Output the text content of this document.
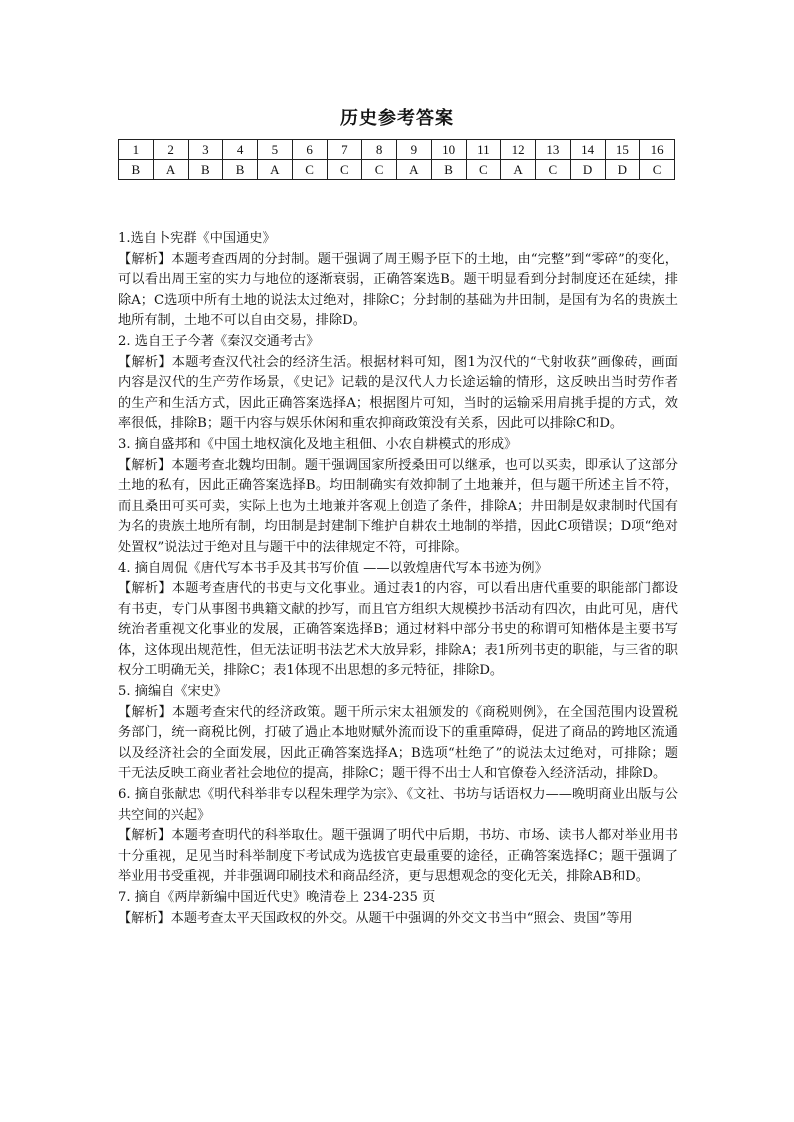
历史参考答案
1	2	3	4	5	6	7	8	9	10	11	12	13	14	15	16
B	A	B	B	A	C	C	C	A	B	C	A	C	D	D	C

1.选自卜宪群《中国通史》

【解析】本题考查西周的分封制。题干强调了周王赐予臣下的土地，由“完整”到“零碎”的变化，可以看出周王室的实力与地位的逐渐衰弱，正确答案选B。题干明显看到分封制度还在延续，排除A；C选项中所有土地的说法太过绝对，排除C；分封制的基础为井田制，是国有为名的贵族土地所有制，土地不可以自由交易，排除D。

2. 选自王子今著《秦汉交通考古》

【解析】本题考查汉代社会的经济生活。根据材料可知，图1为汉代的“弋射收获”画像砖，画面内容是汉代的生产劳作场景，《史记》记载的是汉代人力长途运输的情形，这反映出当时劳作者的生产和生活方式，因此正确答案选择A；根据图片可知，当时的运输采用肩挑手提的方式，效率很低，排除B；题干内容与娱乐休闲和重农抑商政策没有关系，因此可以排除C和D。

3. 摘自盛邦和《中国土地权演化及地主租佃、小农自耕模式的形成》

【解析】本题考查北魏均田制。题干强调国家所授桑田可以继承，也可以买卖，即承认了这部分土地的私有，因此正确答案选择B。均田制确实有效抑制了土地兼并，但与题干所述主旨不符，而且桑田可买可卖，实际上也为土地兼并客观上创造了条件，排除A；井田制是奴隶制时代国有为名的贵族土地所有制，均田制是封建制下维护自耕农土地制的举措，因此C项错误；D项“绝对处置权”说法过于绝对且与题干中的法律规定不符，可排除。

4. 摘自周侃《唐代写本书手及其书写价值 ——以敦煌唐代写本书迹为例》

【解析】本题考查唐代的书吏与文化事业。通过表1的内容，可以看出唐代重要的职能部门都设有书吏，专门从事图书典籍文献的抄写，而且官方组织大规模抄书活动有四次，由此可见，唐代统治者重视文化事业的发展，正确答案选择B；通过材料中部分书史的称谓可知楷体是主要书写体，这体现出规范性，但无法证明书法艺术大放异彩，排除A；表1所列书吏的职能，与三省的职权分工明确无关，排除C；表1体现不出思想的多元特征，排除D。

5. 摘编自《宋史》

【解析】本题考查宋代的经济政策。题干所示宋太祖颁发的《商税则例》，在全国范围内设置税务部门，统一商税比例，打破了過止本地财赋外流而设下的重重障碍，促进了商品的跨地区流通以及经济社会的全面发展，因此正确答案选择A；B选项“杜绝了”的说法太过绝对，可排除；题干无法反映工商业者社会地位的提高，排除C；题干得不出士人和官僚卷入经济活动，排除D。

6. 摘自张献忠《明代科举非专以程朱理学为宗》、《文社、书坊与话语权力——晚明商业出版与公共空间的兴起》

【解析】本题考查明代的科举取仕。题干强调了明代中后期，书坊、市场、读书人都对举业用书十分重视，足见当时科举制度下考试成为选拔官吏最重要的途径，正确答案选择C；题干强调了举业用书受重视，并非强调印刷技术和商品经济，更与思想观念的变化无关，排除AB和D。

7. 摘自《两岸新编中国近代史》晚清卷上 234-235 页

【解析】本题考查太平天国政权的外交。从题干中强调的外交文书当中“照会、贵国”等用
